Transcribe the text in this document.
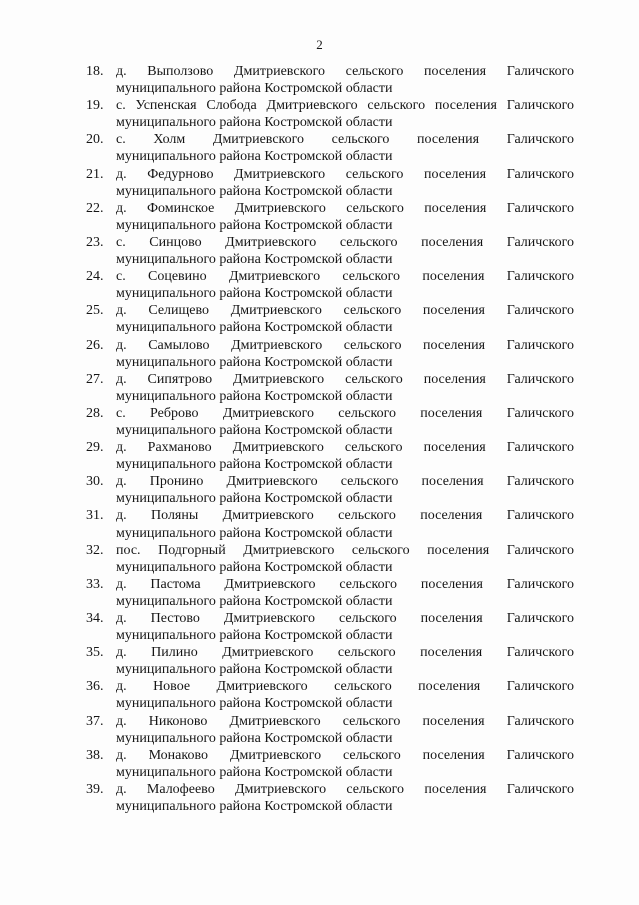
2
18. д. Выползово Дмитриевского сельского поселения Галичского
муниципального района Костромской области
19. с. Успенская Слобода Дмитриевского сельского поселения Галичского
муниципального района Костромской области
20. с. Холм Дмитриевского сельского поселения Галичского
муниципального района Костромской области
21. д. Федурново Дмитриевского сельского поселения Галичского
муниципального района Костромской области
22. д. Фоминское Дмитриевского сельского поселения Галичского
муниципального района Костромской области
23. с. Синцово Дмитриевского сельского поселения Галичского
муниципального района Костромской области
24. с. Соцевино Дмитриевского сельского поселения Галичского
муниципального района Костромской области
25. д. Селищево Дмитриевского сельского поселения Галичского
муниципального района Костромской области
26. д. Самылово Дмитриевского сельского поселения Галичского
муниципального района Костромской области
27. д. Сипятрово Дмитриевского сельского поселения Галичского
муниципального района Костромской области
28. с. Реброво Дмитриевского сельского поселения Галичского
муниципального района Костромской области
29. д. Рахманово Дмитриевского сельского поселения Галичского
муниципального района Костромской области
30. д. Пронино Дмитриевского сельского поселения Галичского
муниципального района Костромской области
31. д. Поляны Дмитриевского сельского поселения Галичского
муниципального района Костромской области
32. пос. Подгорный Дмитриевского сельского поселения Галичского
муниципального района Костромской области
33. д. Пастома Дмитриевского сельского поселения Галичского
муниципального района Костромской области
34. д. Пестово Дмитриевского сельского поселения Галичского
муниципального района Костромской области
35. д. Пилино Дмитриевского сельского поселения Галичского
муниципального района Костромской области
36. д. Новое Дмитриевского сельского поселения Галичского
муниципального района Костромской области
37. д. Никоново Дмитриевского сельского поселения Галичского
муниципального района Костромской области
38. д. Монаково Дмитриевского сельского поселения Галичского
муниципального района Костромской области
39. д. Малофеево Дмитриевского сельского поселения Галичского
муниципального района Костромской области
